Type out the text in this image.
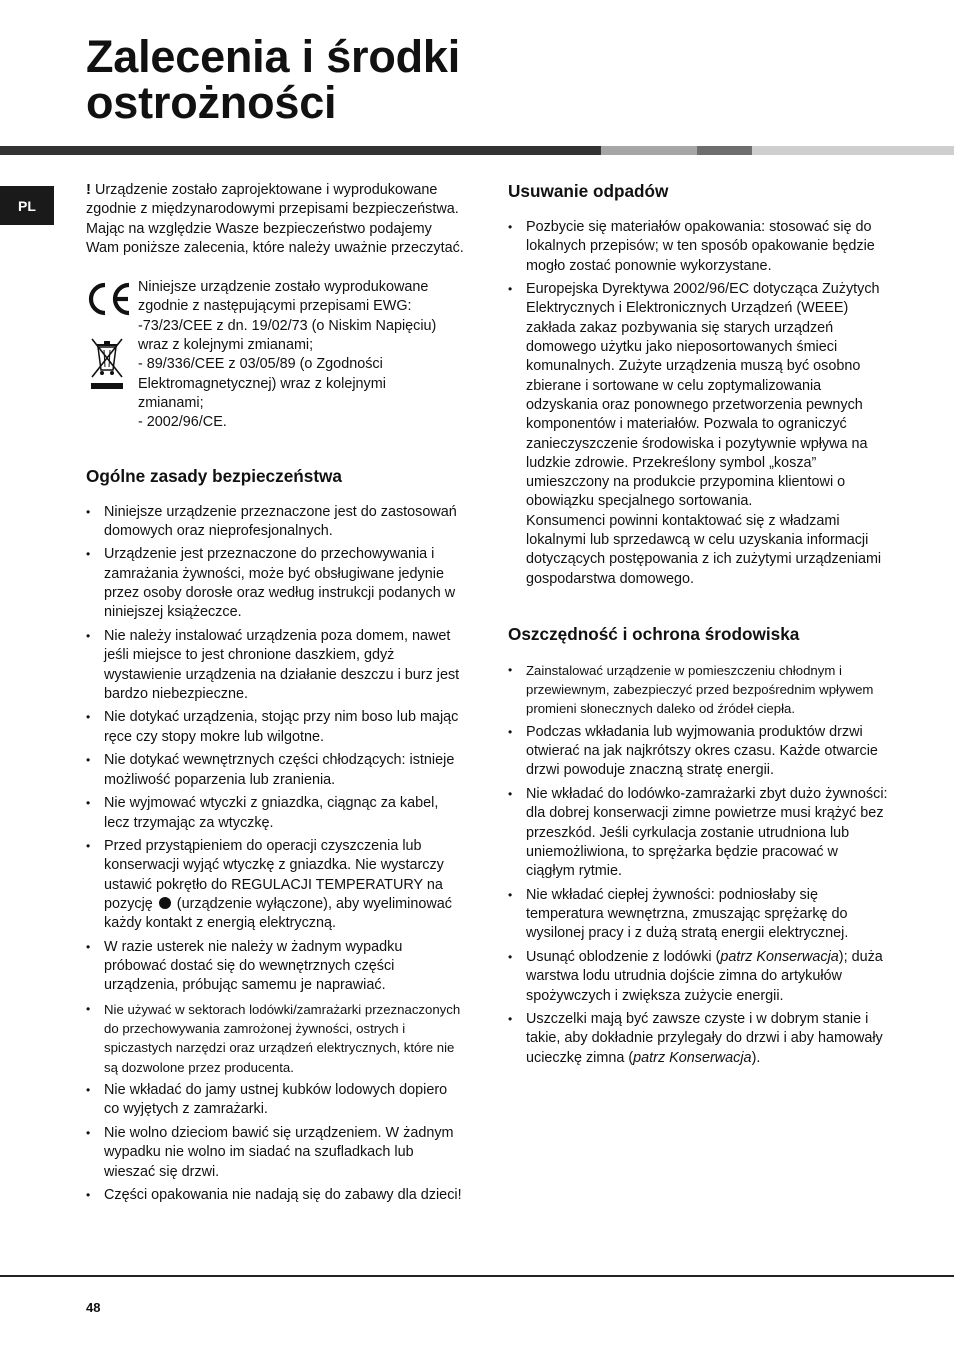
Zalecenia i środki
ostrożności
PL

! Urządzenie zostało zaprojektowane i wyprodukowane zgodnie z międzynarodowymi przepisami bezpieczeństwa. Mając na względzie Wasze bezpieczeństwo podajemy Wam poniższe zalecenia, które należy uważnie przeczytać.

Niniejsze urządzenie zostało wyprodukowane
zgodnie z następującymi przepisami EWG:
-73/23/CEE z dn. 19/02/73 (o Niskim Napięciu)
wraz z kolejnymi zmianami;
- 89/336/CEE z 03/05/89 (o Zgodności
Elektromagnetycznej) wraz z kolejnymi
zmianami;
- 2002/96/CE.
Ogólne zasady bezpieczeństwa
• Niniejsze urządzenie przeznaczone jest do zastosowań domowych oraz nieprofesjonalnych.
• Urządzenie jest przeznaczone do przechowywania i zamrażania żywności, może być obsługiwane jedynie przez osoby dorosłe oraz według instrukcji podanych w niniejszej książeczce.
• Nie należy instalować urządzenia poza domem, nawet jeśli miejsce to jest chronione daszkiem, gdyż wystawienie urządzenia na działanie deszczu i burz jest bardzo niebezpieczne.
• Nie dotykać urządzenia, stojąc przy nim boso lub mając ręce czy stopy mokre lub wilgotne.
• Nie dotykać wewnętrznych części chłodzących: istnieje możliwość poparzenia lub zranienia.
• Nie wyjmować wtyczki z gniazdka, ciągnąc za kabel, lecz trzymając za wtyczkę.
• Przed przystąpieniem do operacji czyszczenia lub konserwacji wyjąć wtyczkę z gniazdka. Nie wystarczy ustawić pokrętło do REGULACJI TEMPERATURY na pozycję (urządzenie wyłączone), aby wyeliminować każdy kontakt z energią elektryczną.
• W razie usterek nie należy w żadnym wypadku próbować dostać się do wewnętrznych części urządzenia, próbując samemu je naprawiać.
• Nie używać w sektorach lodówki/zamrażarki przeznaczonych do przechowywania zamrożonej żywności, ostrych i spiczastych narzędzi oraz urządzeń elektrycznych, które nie są dozwolone przez producenta.
• Nie wkładać do jamy ustnej kubków lodowych dopiero co wyjętych z zamrażarki.
• Nie wolno dzieciom bawić się urządzeniem. W żadnym wypadku nie wolno im siadać na szufladkach lub wieszać się drzwi.
• Części opakowania nie nadają się do zabawy dla dzieci!
Usuwanie odpadów
• Pozbycie się materiałów opakowania: stosować się do lokalnych przepisów; w ten sposób opakowanie będzie mogło zostać ponownie wykorzystane.
• Europejska Dyrektywa 2002/96/EC dotycząca Zużytych Elektrycznych i Elektronicznych Urządzeń (WEEE) zakłada zakaz pozbywania się starych urządzeń domowego użytku jako nieposortowanych śmieci komunalnych. Zużyte urządzenia muszą być osobno zbierane i sortowane w celu zoptymalizowania odzyskania oraz ponownego przetworzenia pewnych komponentów i materiałów. Pozwala to ograniczyć zanieczyszczenie środowiska i pozytywnie wpływa na ludzkie zdrowie. Przekreślony symbol „kosza” umieszczony na produkcie przypomina klientowi o obowiązku specjalnego sortowania.
Konsumenci powinni kontaktować się z władzami lokalnymi lub sprzedawcą w celu uzyskania informacji dotyczących postępowania z ich zużytymi urządzeniami gospodarstwa domowego.
Oszczędność i ochrona środowiska
• Zainstalować urządzenie w pomieszczeniu chłodnym i przewiewnym, zabezpieczyć przed bezpośrednim wpływem promieni słonecznych daleko od źródeł ciepła.
• Podczas wkładania lub wyjmowania produktów drzwi otwierać na jak najkrótszy okres czasu. Każde otwarcie drzwi powoduje znaczną stratę energii.
• Nie wkładać do lodówko-zamrażarki zbyt dużo żywności: dla dobrej konserwacji zimne powietrze musi krążyć bez przeszkód. Jeśli cyrkulacja zostanie utrudniona lub uniemożliwiona, to sprężarka będzie pracować w ciągłym rytmie.
• Nie wkładać ciepłej żywności: podniosłaby się temperatura wewnętrzna, zmuszając sprężarkę do wysilonej pracy i z dużą stratą energii elektrycznej.
• Usunąć oblodzenie z lodówki (patrz Konserwacja); duża warstwa lodu utrudnia dojście zimna do artykułów spożywczych i zwiększa zużycie energii.
• Uszczelki mają być zawsze czyste i w dobrym stanie i takie, aby dokładnie przylegały do drzwi i aby hamowały ucieczkę zimna (patrz Konserwacja).
48
